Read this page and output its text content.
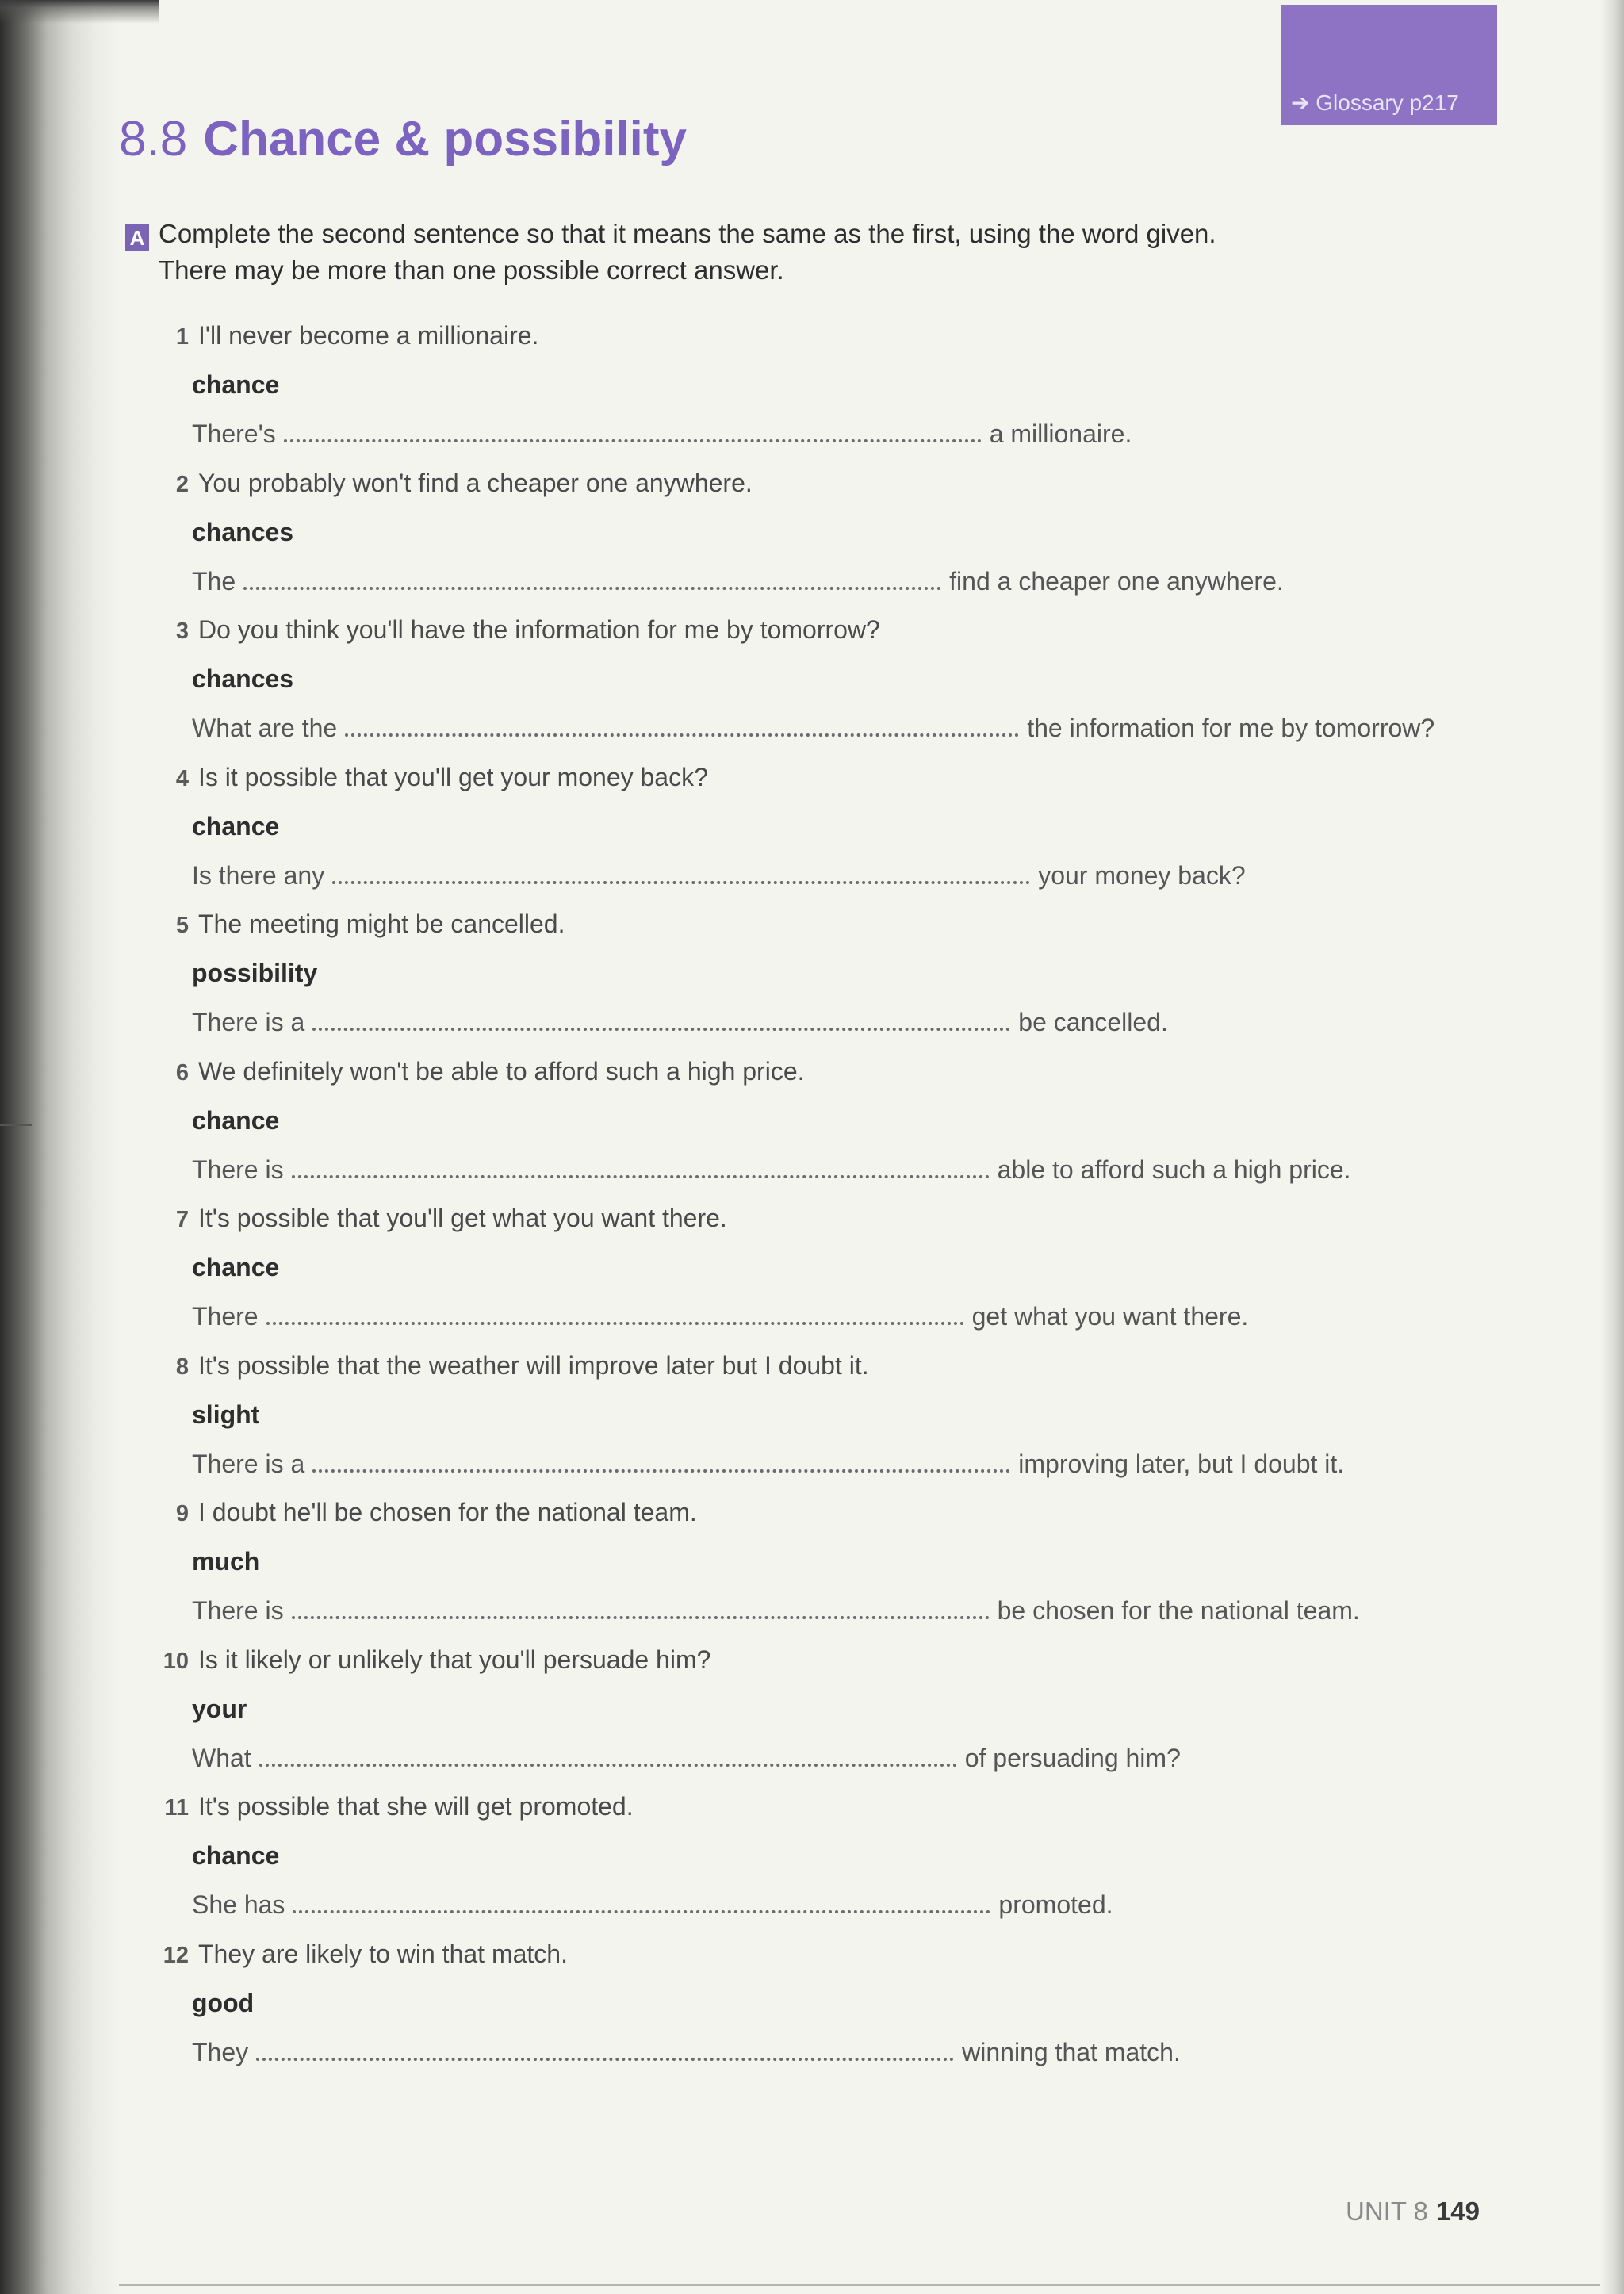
➔ Glossary p217
8.8 Chance & possibility
A Complete the second sentence so that it means the same as the first, using the word given.
There may be more than one possible correct answer.
1 I'll never become a millionaire.
chance
There's	a millionaire.
2 You probably won't find a cheaper one anywhere.
chances
The	find a cheaper one anywhere.
3 Do you think you'll have the information for me by tomorrow?
chances
What are the	the information for me by tomorrow?
4 Is it possible that you'll get your money back?
chance
Is there any	your money back?
5 The meeting might be cancelled.
possibility
There is a	be cancelled.
6 We definitely won't be able to afford such a high price.
chance
There is	able to afford such a high price.
7 It's possible that you'll get what you want there.
chance
There	get what you want there.
8 It's possible that the weather will improve later but I doubt it.
slight
There is a	improving later, but I doubt it.
9 I doubt he'll be chosen for the national team.
much
There is	be chosen for the national team.
10 Is it likely or unlikely that you'll persuade him?
your
What	of persuading him?
11 It's possible that she will get promoted.
chance
She has	promoted.
12 They are likely to win that match.
good
They	winning that match.
UNIT 8 149
